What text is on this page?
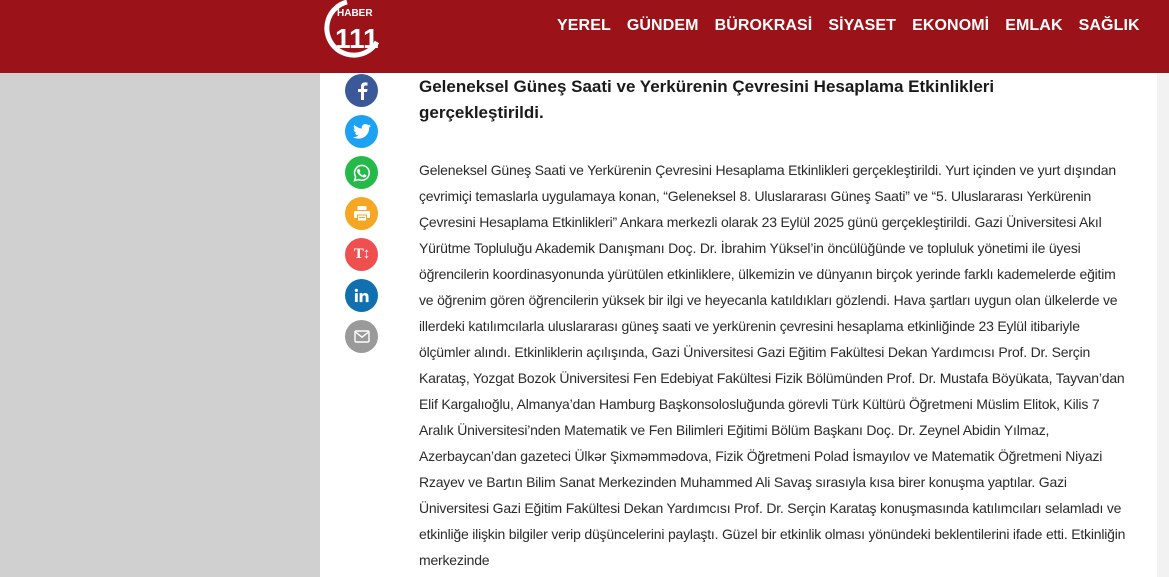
HABER
111	YEREL GÜNDEM BÜROKRASİ SİYASET EKONOMİ EMLAK SAĞLIK
T↕
Geleneksel Güneş Saati ve Yerkürenin Çevresini Hesaplama Etkinlikleri gerçekleştirildi.

Geleneksel Güneş Saati ve Yerkürenin Çevresini Hesaplama Etkinlikleri gerçekleştirildi. Yurt içinden ve yurt dışından çevrimiçi temaslarla uygulamaya konan, “Geleneksel 8. Uluslararası Güneş Saati” ve “5. Uluslararası Yerkürenin Çevresini Hesaplama Etkinlikleri” Ankara merkezli olarak 23 Eylül 2025 günü gerçekleştirildi. Gazi Üniversitesi Akıl Yürütme Topluluğu Akademik Danışmanı Doç. Dr. İbrahim Yüksel’in öncülüğünde ve topluluk yönetimi ile üyesi öğrencilerin koordinasyonunda yürütülen etkinliklere, ülkemizin ve dünyanın birçok yerinde farklı kademelerde eğitim ve öğrenim gören öğrencilerin yüksek bir ilgi ve heyecanla katıldıkları gözlendi. Hava şartları uygun olan ülkelerde ve illerdeki katılımcılarla uluslararası güneş saati ve yerkürenin çevresini hesaplama etkinliğinde 23 Eylül itibariyle ölçümler alındı. Etkinliklerin açılışında, Gazi Üniversitesi Gazi Eğitim Fakültesi Dekan Yardımcısı Prof. Dr. Serçin Karataş, Yozgat Bozok Üniversitesi Fen Edebiyat Fakültesi Fizik Bölümünden Prof. Dr. Mustafa Böyükata, Tayvan’dan Elif Kargalıoğlu, Almanya’dan Hamburg Başkonsolosluğunda görevli Türk Kültürü Öğretmeni Müslim Elitok, Kilis 7 Aralık Üniversitesi’nden Matematik ve Fen Bilimleri Eğitimi Bölüm Başkanı Doç. Dr. Zeynel Abidin Yılmaz, Azerbaycan’dan gazeteci Ülkər Şixməmmədova, Fizik Öğretmeni Polad İsmayılov ve Matematik Öğretmeni Niyazi Rzayev ve Bartın Bilim Sanat Merkezinden Muhammed Ali Savaş sırasıyla kısa birer konuşma yaptılar. Gazi Üniversitesi Gazi Eğitim Fakültesi Dekan Yardımcısı Prof. Dr. Serçin Karataş konuşmasında katılımcıları selamladı ve etkinliğe ilişkin bilgiler verip düşüncelerini paylaştı. Güzel bir etkinlik olması yönündeki beklentilerini ifade etti. Etkinliğin merkezinde
